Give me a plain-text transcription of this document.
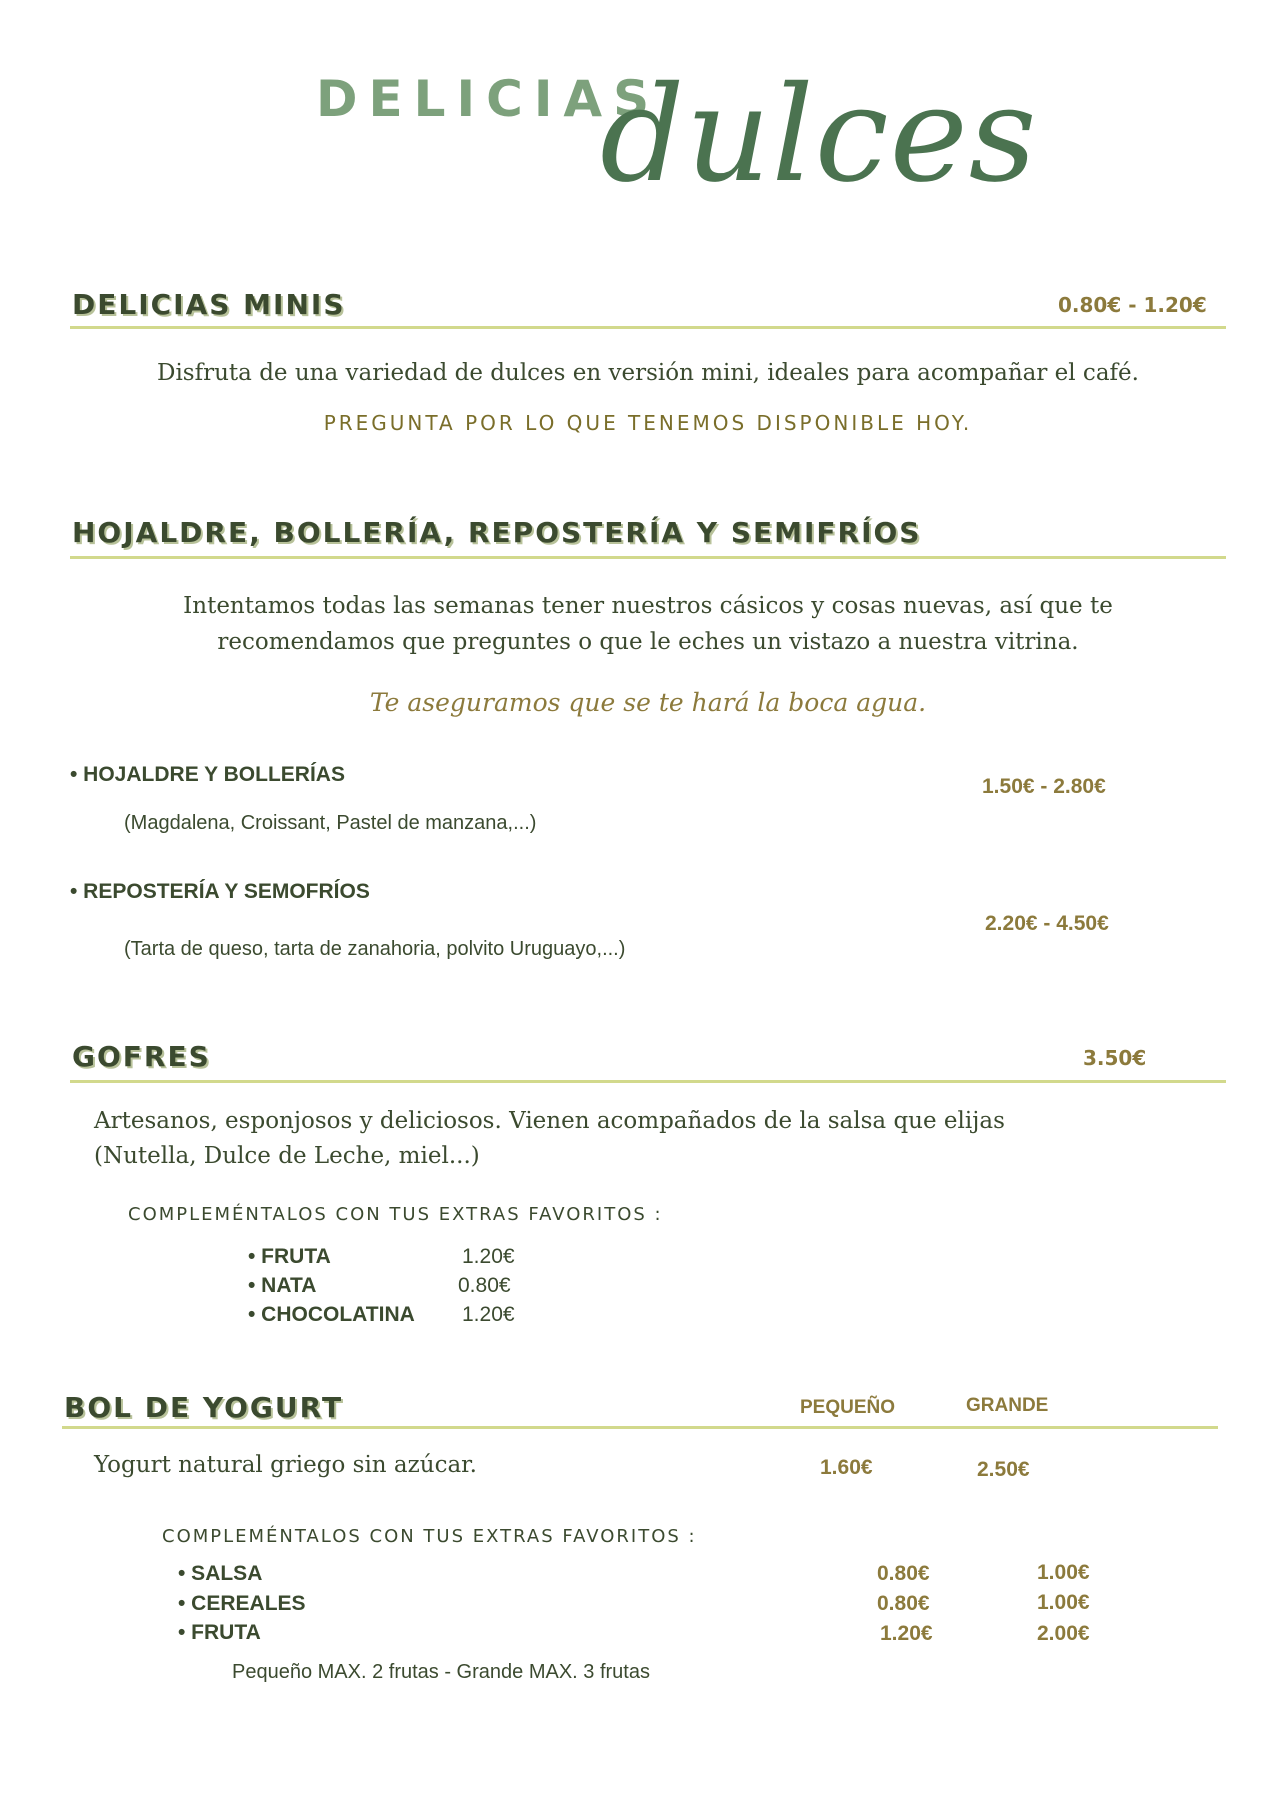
DELICIAS
dulces
DELICIAS MINIS	0.80€ - 1.20€
Disfruta de una variedad de dulces en versión mini, ideales para acompañar el café.
PREGUNTA POR LO QUE TENEMOS DISPONIBLE HOY.
HOJALDRE, BOLLERÍA, REPOSTERÍA Y SEMIFRÍOS
Intentamos todas las semanas tener nuestros cásicos y cosas nuevas, así que te
recomendamos que preguntes o que le eches un vistazo a nuestra vitrina.
Te aseguramos que se te hará la boca agua.
• HOJALDRE Y BOLLERÍAS
1.50€ - 2.80€
(Magdalena, Croissant, Pastel de manzana,...)
• REPOSTERÍA Y SEMOFRÍOS
2.20€ - 4.50€
(Tarta de queso, tarta de zanahoria, polvito Uruguayo,...)
GOFRES	3.50€
Artesanos, esponjosos y deliciosos. Vienen acompañados de la salsa que elijas
(Nutella, Dulce de Leche, miel...)
COMPLEMÉNTALOS CON TUS EXTRAS FAVORITOS :
• FRUTA	1.20€
• NATA	0.80€
• CHOCOLATINA 1.20€
BOL DE YOGURT	PEQUEÑO	GRANDE
Yogurt natural griego sin azúcar.	1.60€	2.50€
COMPLEMÉNTALOS CON TUS EXTRAS FAVORITOS :
• SALSA	0.80€	1.00€
• CEREALES	0.80€	1.00€
• FRUTA	1.20€	2.00€
Pequeño MAX. 2 frutas - Grande MAX. 3 frutas
